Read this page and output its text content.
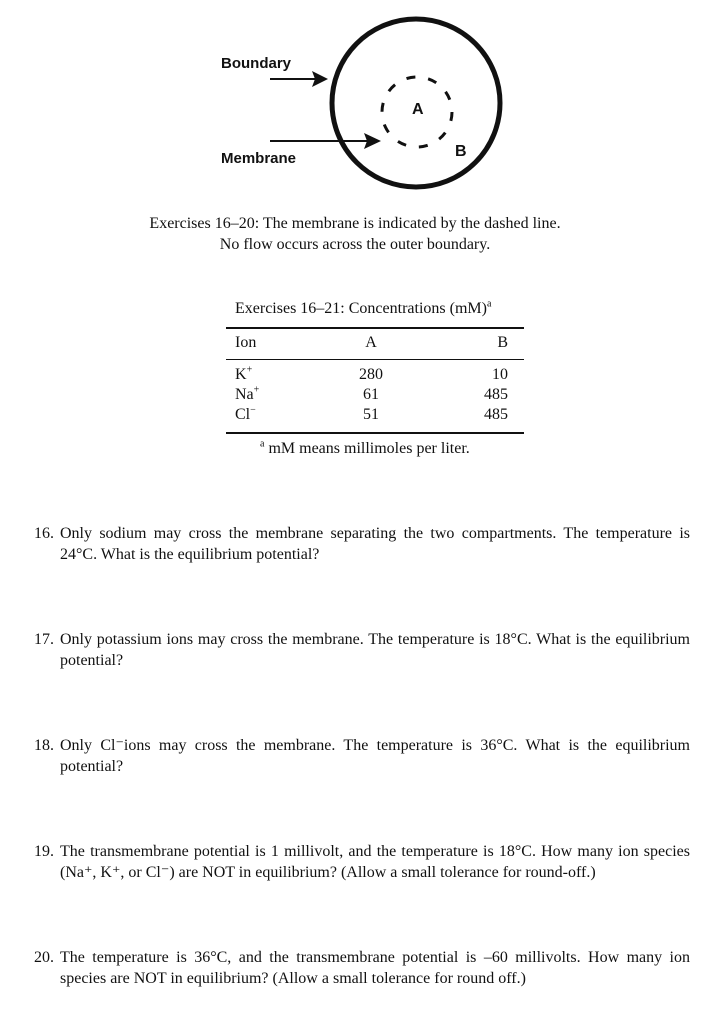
Boundary
Membrane
A
B
Exercises 16–20: The membrane is indicated by the dashed line.
No flow occurs across the outer boundary.
Exercises 16–21: Concentrations (mM)$^a$
Ion	A	B
K+	280	10
Na+	61	485
Cl−	51	485
$^a$ mM means millimoles per liter.
16. Only sodium may cross the membrane separating the two compartments. The temperature is 24°C. What is the equilibrium potential?
17. Only potassium ions may cross the membrane. The temperature is 18°C. What is the equilibrium potential?
18. Only Cl⁻ions may cross the membrane. The temperature is 36°C. What is the equilibrium potential?
19. The transmembrane potential is 1 millivolt, and the temperature is 18°C. How many ion species (Na⁺, K⁺, or Cl⁻) are NOT in equilibrium? (Allow a small tolerance for round-off.)
20. The temperature is 36°C, and the transmembrane potential is –60 millivolts. How many ion species are NOT in equilibrium? (Allow a small tolerance for round off.)
